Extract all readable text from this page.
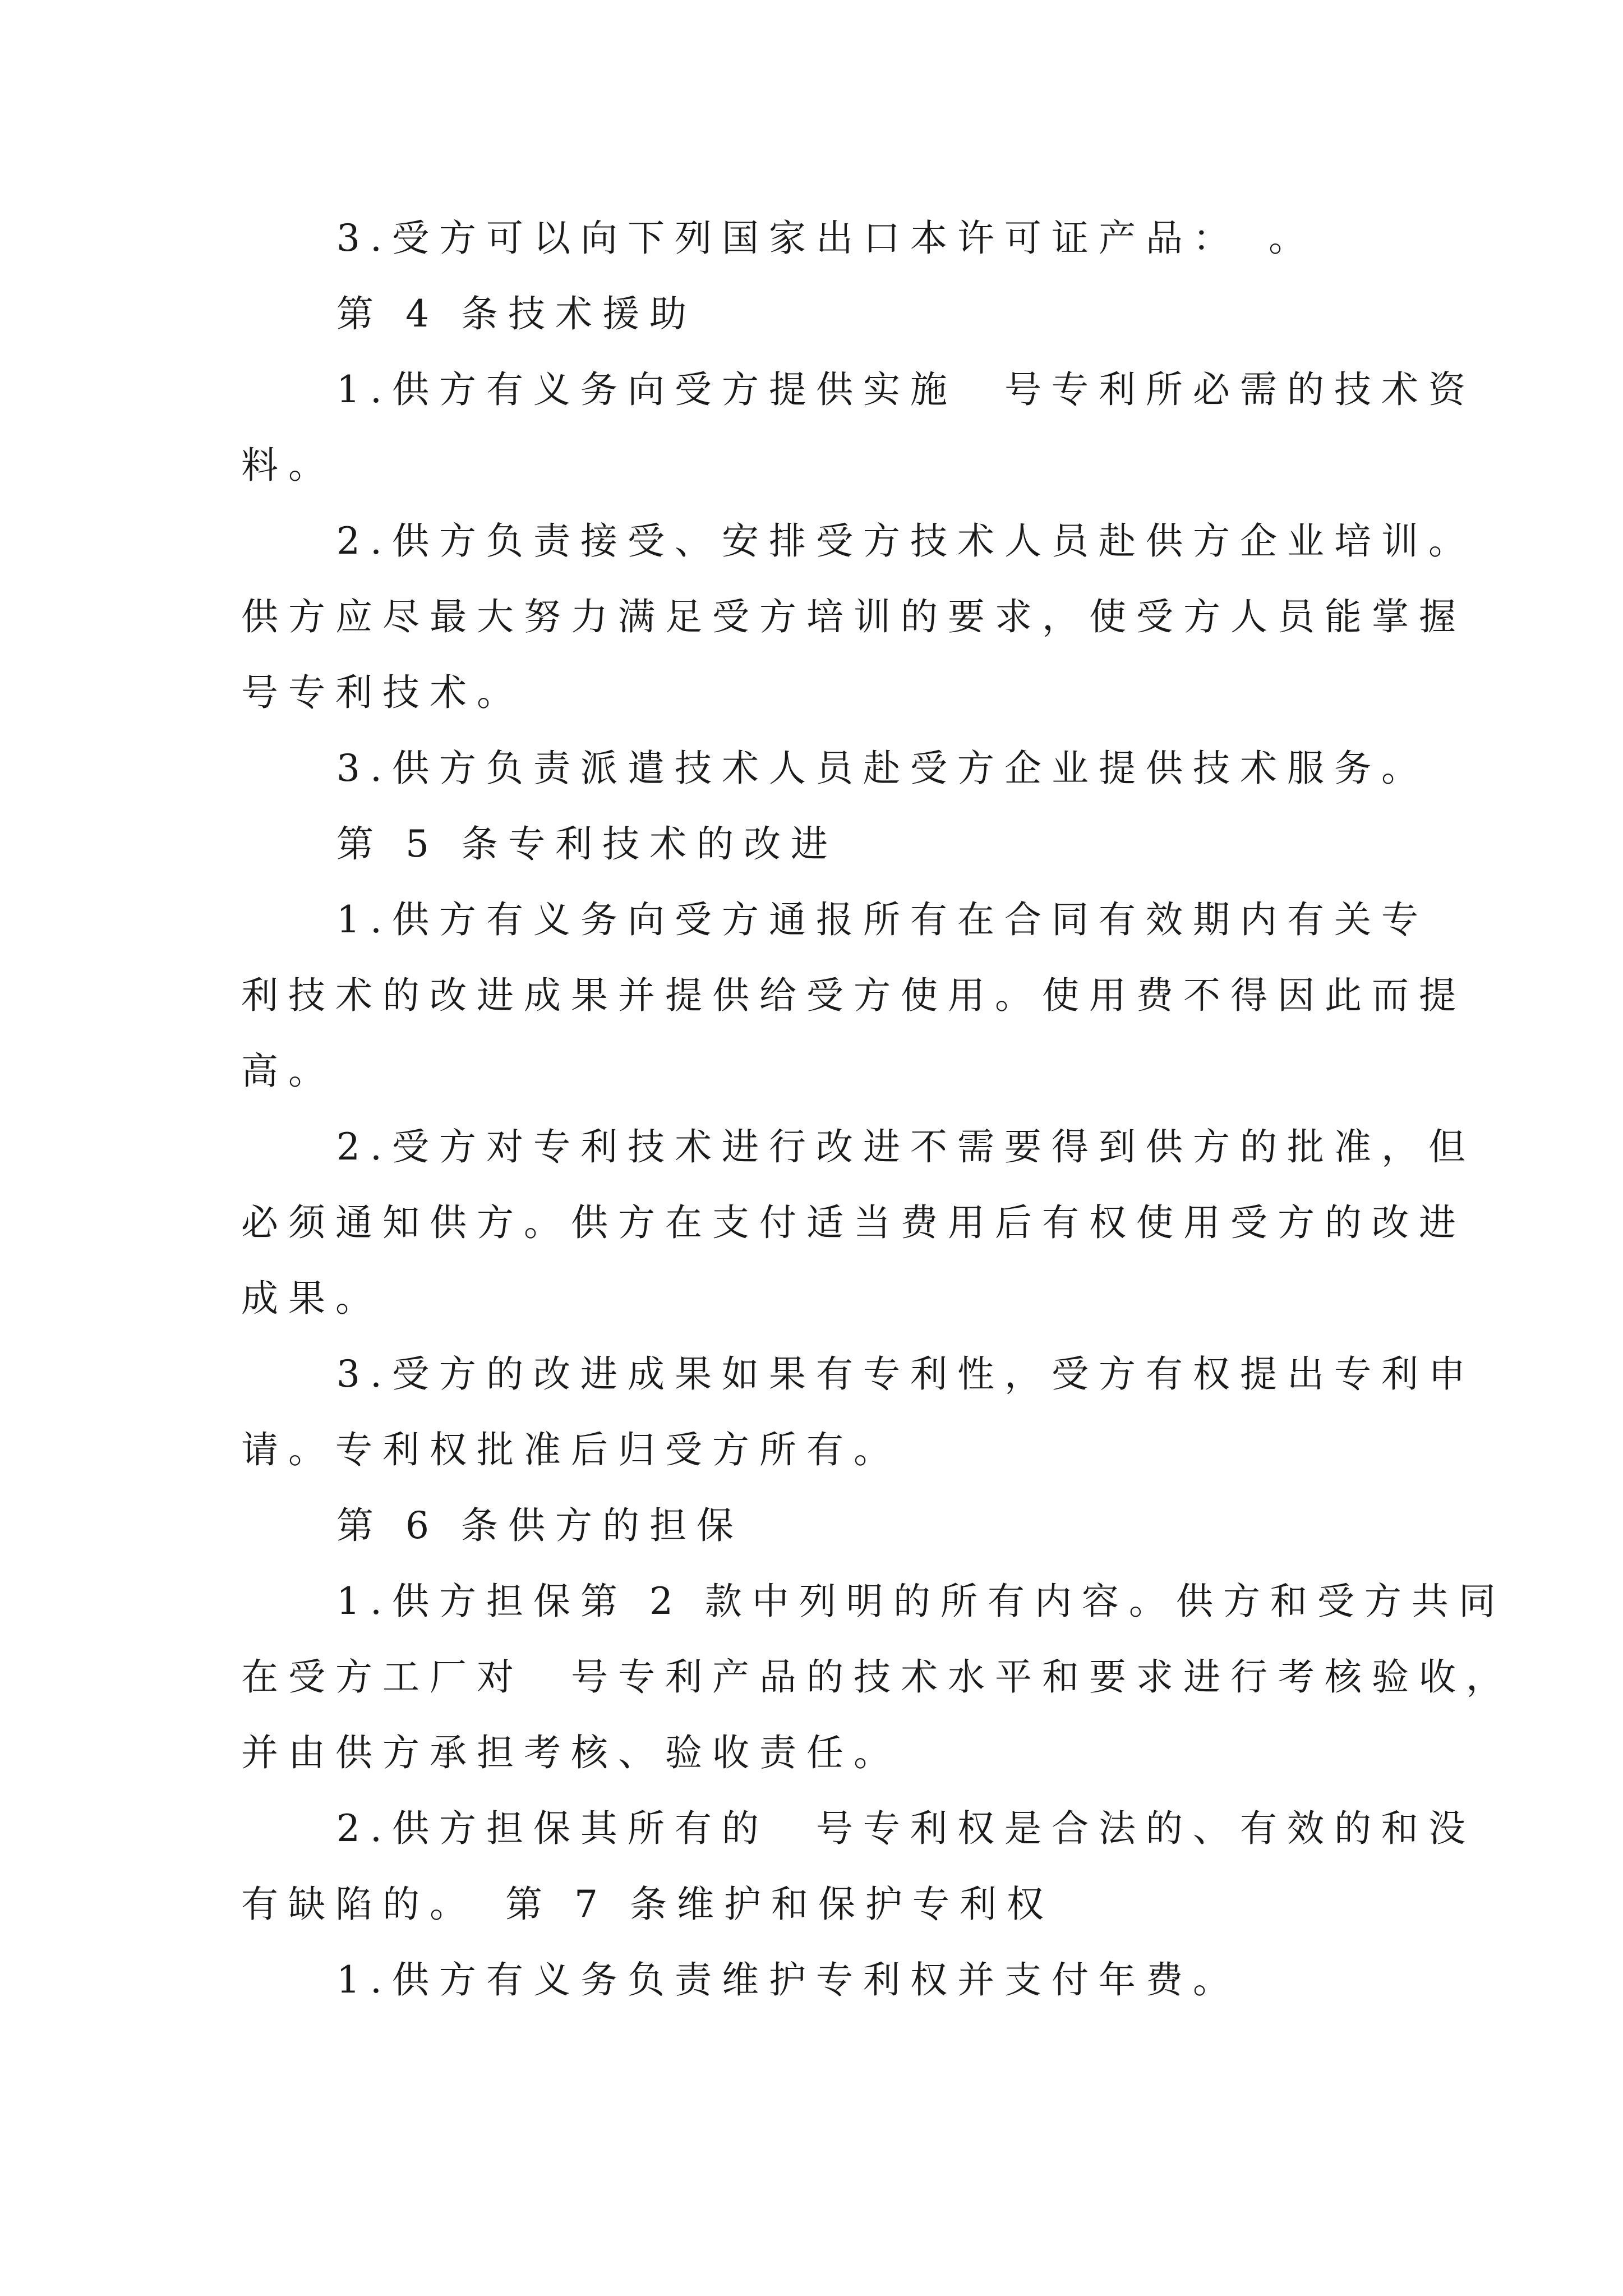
3.受方可以向下列国家出口本许可证产品：　。
第 4 条技术援助
1.供方有义务向受方提供实施　号专利所必需的技术资
料。
2.供方负责接受、安排受方技术人员赴供方企业培训。
供方应尽最大努力满足受方培训的要求，使受方人员能掌握
号专利技术。
3.供方负责派遣技术人员赴受方企业提供技术服务。
第 5 条专利技术的改进
1.供方有义务向受方通报所有在合同有效期内有关专
利技术的改进成果并提供给受方使用。使用费不得因此而提
高。
2.受方对专利技术进行改进不需要得到供方的批准，但
必须通知供方。供方在支付适当费用后有权使用受方的改进
成果。
3.受方的改进成果如果有专利性，受方有权提出专利申
请。专利权批准后归受方所有。
第 6 条供方的担保
1.供方担保第 2 款中列明的所有内容。供方和受方共同
在受方工厂对　号专利产品的技术水平和要求进行考核验收，
并由供方承担考核、验收责任。
2.供方担保其所有的　号专利权是合法的、有效的和没
有缺陷的。　第 7 条维护和保护专利权
1.供方有义务负责维护专利权并支付年费。
